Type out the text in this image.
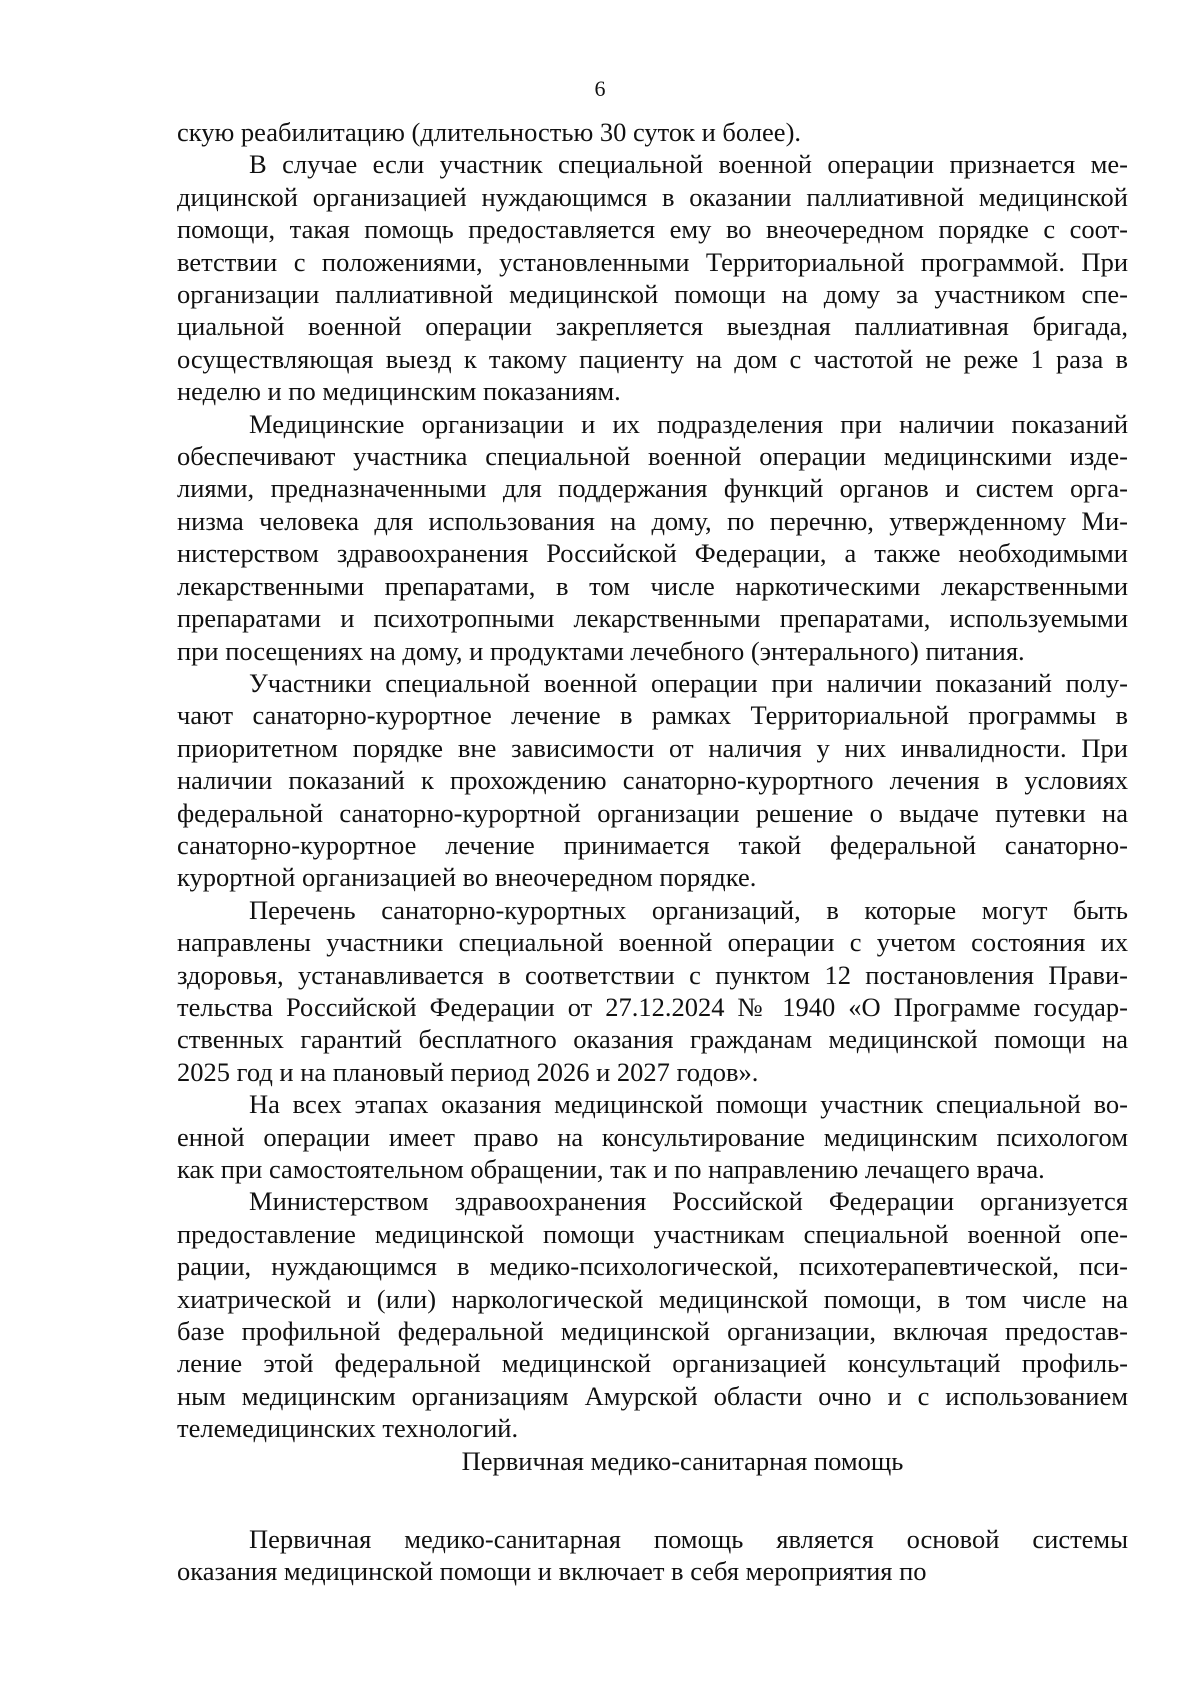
6
скую реабилитацию (длительностью 30 суток и более).
В случае если участник специальной военной операции признается ме-
дицинской организацией нуждающимся в оказании паллиативной медицинской
помощи, такая помощь предоставляется ему во внеочередном порядке с соот-
ветствии с положениями, установленными Территориальной программой. При
организации паллиативной медицинской помощи на дому за участником спе-
циальной военной операции закрепляется выездная паллиативная бригада,
осуществляющая выезд к такому пациенту на дом с частотой не реже 1 раза в
неделю и по медицинским показаниям.
Медицинские организации и их подразделения при наличии показаний
обеспечивают участника специальной военной операции медицинскими изде-
лиями, предназначенными для поддержания функций органов и систем орга-
низма человека для использования на дому, по перечню, утвержденному Ми-
нистерством здравоохранения Российской Федерации, а также необходимыми
лекарственными препаратами, в том числе наркотическими лекарственными
препаратами и психотропными лекарственными препаратами, используемыми
при посещениях на дому, и продуктами лечебного (энтерального) питания.
Участники специальной военной операции при наличии показаний полу-
чают санаторно-курортное лечение в рамках Территориальной программы в
приоритетном порядке вне зависимости от наличия у них инвалидности. При
наличии показаний к прохождению санаторно-курортного лечения в условиях
федеральной санаторно-курортной организации решение о выдаче путевки на
санаторно-курортное лечение принимается такой федеральной санаторно-
курортной организацией во внеочередном порядке.
Перечень санаторно-курортных организаций, в которые могут быть
направлены участники специальной военной операции с учетом состояния их
здоровья, устанавливается в соответствии с пунктом 12 постановления Прави-
тельства Российской Федерации от 27.12.2024 № 1940 «О Программе государ-
ственных гарантий бесплатного оказания гражданам медицинской помощи на
2025 год и на плановый период 2026 и 2027 годов».
На всех этапах оказания медицинской помощи участник специальной во-
енной операции имеет право на консультирование медицинским психологом
как при самостоятельном обращении, так и по направлению лечащего врача.
Министерством здравоохранения Российской Федерации организуется
предоставление медицинской помощи участникам специальной военной опе-
рации, нуждающимся в медико-психологической, психотерапевтической, пси-
хиатрической и (или) наркологической медицинской помощи, в том числе на
базе профильной федеральной медицинской организации, включая предостав-
ление этой федеральной медицинской организацией консультаций профиль-
ным медицинским организациям Амурской области очно и с использованием
телемедицинских технологий.
Первичная медико-санитарная помощь
Первичная медико-санитарная помощь является основой системы
оказания медицинской помощи и включает в себя мероприятия по
